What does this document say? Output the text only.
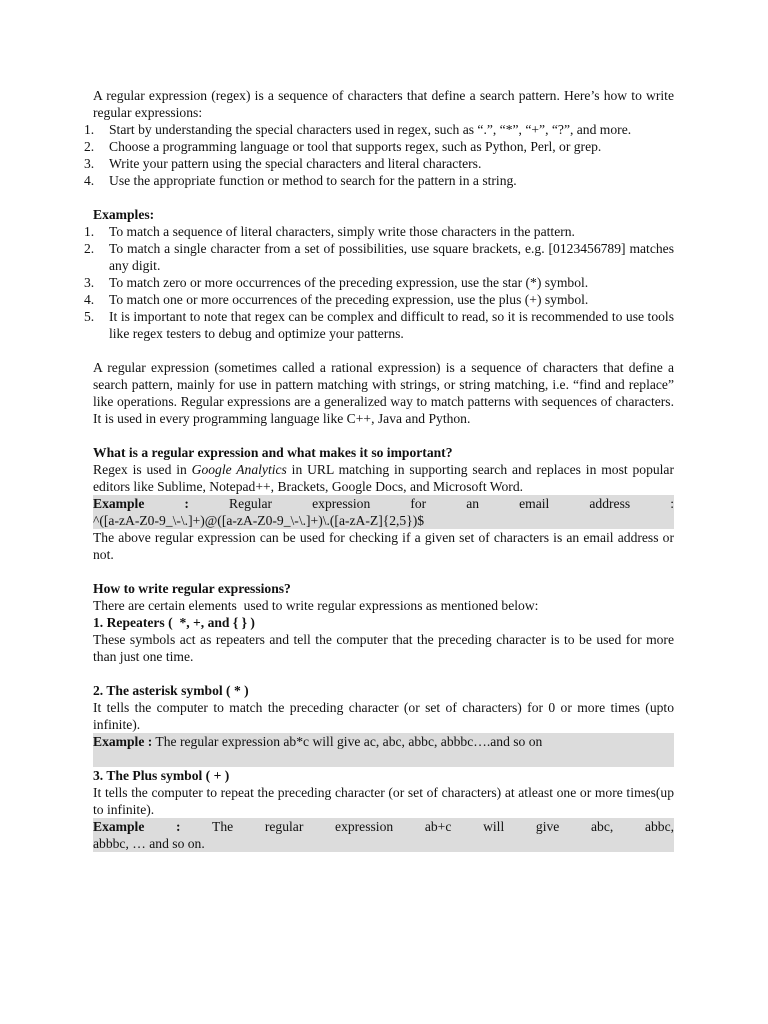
A regular expression (regex) is a sequence of characters that define a search pattern. Here’s how to write regular expressions:

1. Start by understanding the special characters used in regex, such as “.”, “*”, “+”, “?”, and more.
2. Choose a programming language or tool that supports regex, such as Python, Perl, or grep.
3. Write your pattern using the special characters and literal characters.
4. Use the appropriate function or method to search for the pattern in a string.

Examples:

1. To match a sequence of literal characters, simply write those characters in the pattern.
2. To match a single character from a set of possibilities, use square brackets, e.g. [0123456789] matches any digit.
3. To match zero or more occurrences of the preceding expression, use the star (*) symbol.
4. To match one or more occurrences of the preceding expression, use the plus (+) symbol.
5. It is important to note that regex can be complex and difficult to read, so it is recommended to use tools like regex testers to debug and optimize your patterns.

A regular expression (sometimes called a rational expression) is a sequence of characters that define a search pattern, mainly for use in pattern matching with strings, or string matching, i.e. “find and replace” like operations. Regular expressions are a generalized way to match patterns with sequences of characters. It is used in every programming language like C++, Java and Python.

What is a regular expression and what makes it so important?

Regex is used in Google Analytics in URL matching in supporting search and replaces in most popular editors like Sublime, Notepad++, Brackets, Google Docs, and Microsoft Word.

Example :	Regular expression for an email address :

^([a-zA-Z0-9_\-\.]+)@([a-zA-Z0-9_\-\.]+)\.([a-zA-Z]{2,5})$

The above regular expression can be used for checking if a given set of characters is an email address or not.

How to write regular expressions?

There are certain elements  used to write regular expressions as mentioned below:

1. Repeaters (  *, +, and { } )

These symbols act as repeaters and tell the computer that the preceding character is to be used for more than just one time.

2. The asterisk symbol ( * )

It tells the computer to match the preceding character (or set of characters) for 0 or more times (upto infinite).

Example : The regular expression ab*c will give ac, abc, abbc, abbbc….and so on

3. The Plus symbol ( + )

It tells the computer to repeat the preceding character (or set of characters) at atleast one or more times(up to infinite).

Example : The regular expression ab+c will give abc, abbc,

abbbc, … and so on.
